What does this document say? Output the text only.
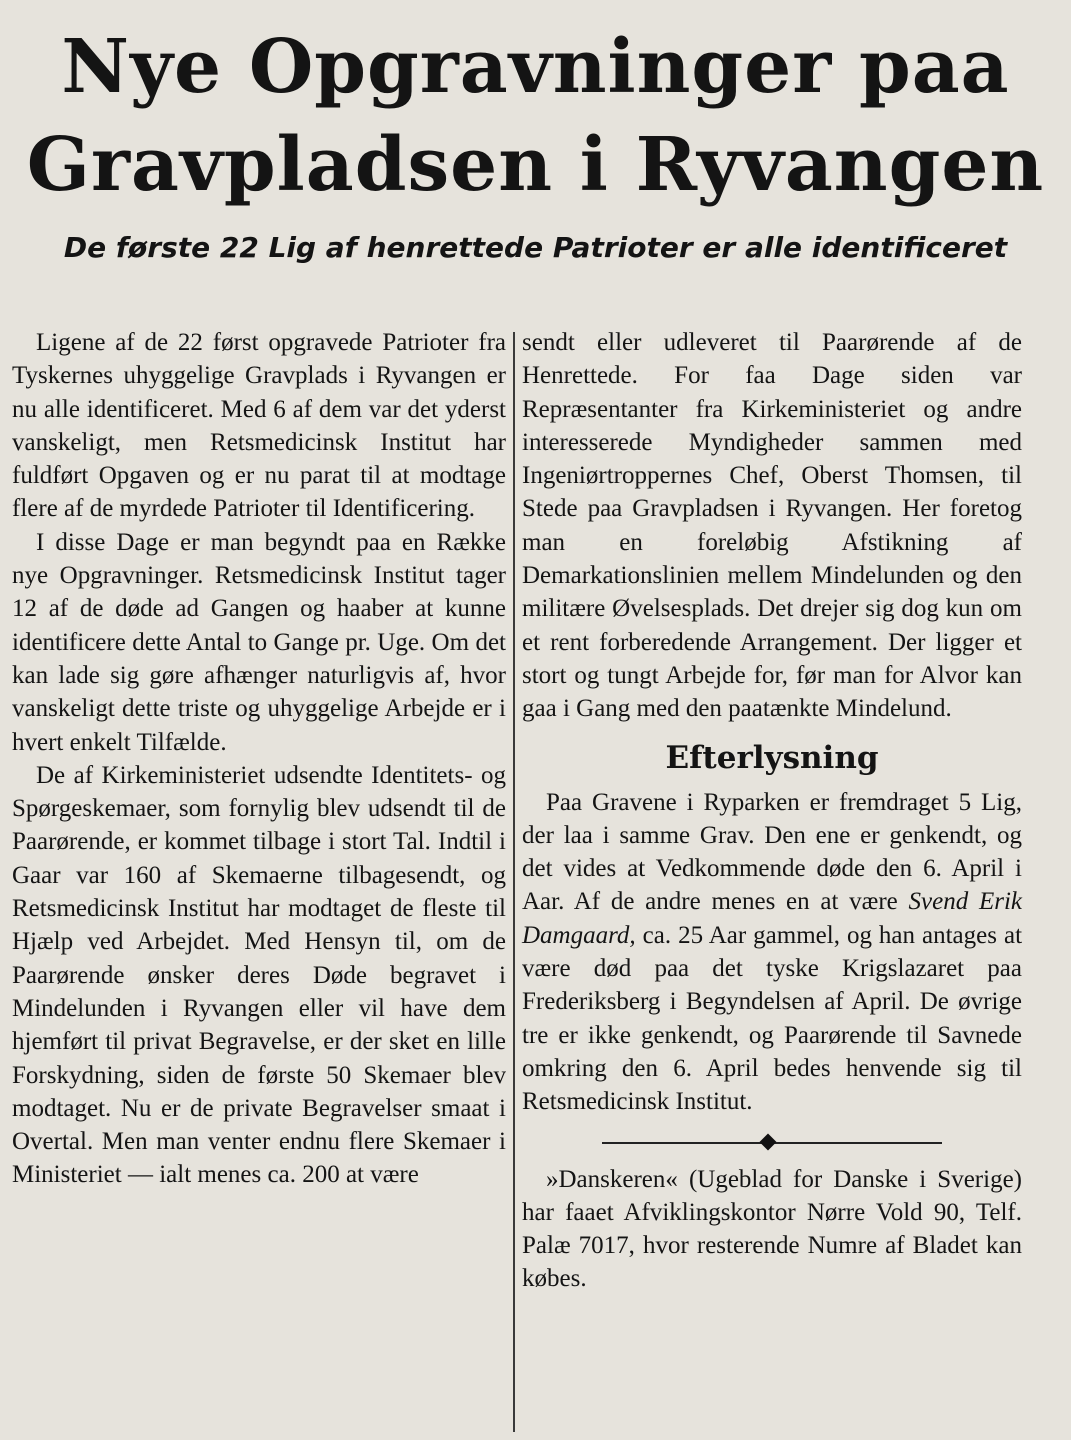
Nye Opgravninger paa
Gravpladsen i Ryvangen
De første 22 Lig af henrettede Patrioter er alle identificeret

Ligene af de 22 først opgravede Patrioter fra Tyskernes uhyggelige Gravplads i Ryvangen er nu alle identificeret. Med 6 af dem var det yderst vanskeligt, men Retsmedicinsk Institut har fuldført Opgaven og er nu parat til at modtage flere af de myrdede Patrioter til Identificering.

I disse Dage er man begyndt paa en Række nye Opgravninger. Retsmedicinsk Institut tager 12 af de døde ad Gangen og haaber at kunne identificere dette Antal to Gange pr. Uge. Om det kan lade sig gøre afhænger naturligvis af, hvor vanskeligt dette triste og uhyggelige Arbejde er i hvert enkelt Tilfælde.

De af Kirkeministeriet udsendte Identitets- og Spørgeskemaer, som fornylig blev udsendt til de Paarørende, er kommet tilbage i stort Tal. Indtil i Gaar var 160 af Skemaerne tilbagesendt, og Retsmedicinsk Institut har modtaget de fleste til Hjælp ved Arbejdet. Med Hensyn til, om de Paarørende ønsker deres Døde begravet i Mindelunden i Ryvangen eller vil have dem hjemført til privat Begravelse, er der sket en lille Forskydning, siden de første 50 Skemaer blev modtaget. Nu er de private Begravelser smaat i Overtal. Men man venter endnu flere Skemaer i Ministeriet — ialt menes ca. 200 at være

sendt eller udleveret til Paarørende af de Henrettede. For faa Dage siden var Repræsentanter fra Kirkeministeriet og andre interesserede Myndigheder sammen med Ingeniørtroppernes Chef, Oberst Thomsen, til Stede paa Gravpladsen i Ryvangen. Her foretog man en foreløbig Afstikning af Demarkationslinien mellem Mindelunden og den militære Øvelsesplads. Det drejer sig dog kun om et rent forberedende Arrangement. Der ligger et stort og tungt Arbejde for, før man for Alvor kan gaa i Gang med den paatænkte Mindelund.

Efterlysning

Paa Gravene i Ryparken er fremdraget 5 Lig, der laa i samme Grav. Den ene er genkendt, og det vides at Vedkommende døde den 6. April i Aar. Af de andre menes en at være Svend Erik Damgaard, ca. 25 Aar gammel, og han antages at være død paa det tyske Krigslazaret paa Frederiksberg i Begyndelsen af April. De øvrige tre er ikke genkendt, og Paarørende til Savnede omkring den 6. April bedes henvende sig til Retsmedicinsk Institut.

»Danskeren« (Ugeblad for Danske i Sverige) har faaet Afviklingskontor Nørre Vold 90, Telf. Palæ 7017, hvor resterende Numre af Bladet kan købes.
